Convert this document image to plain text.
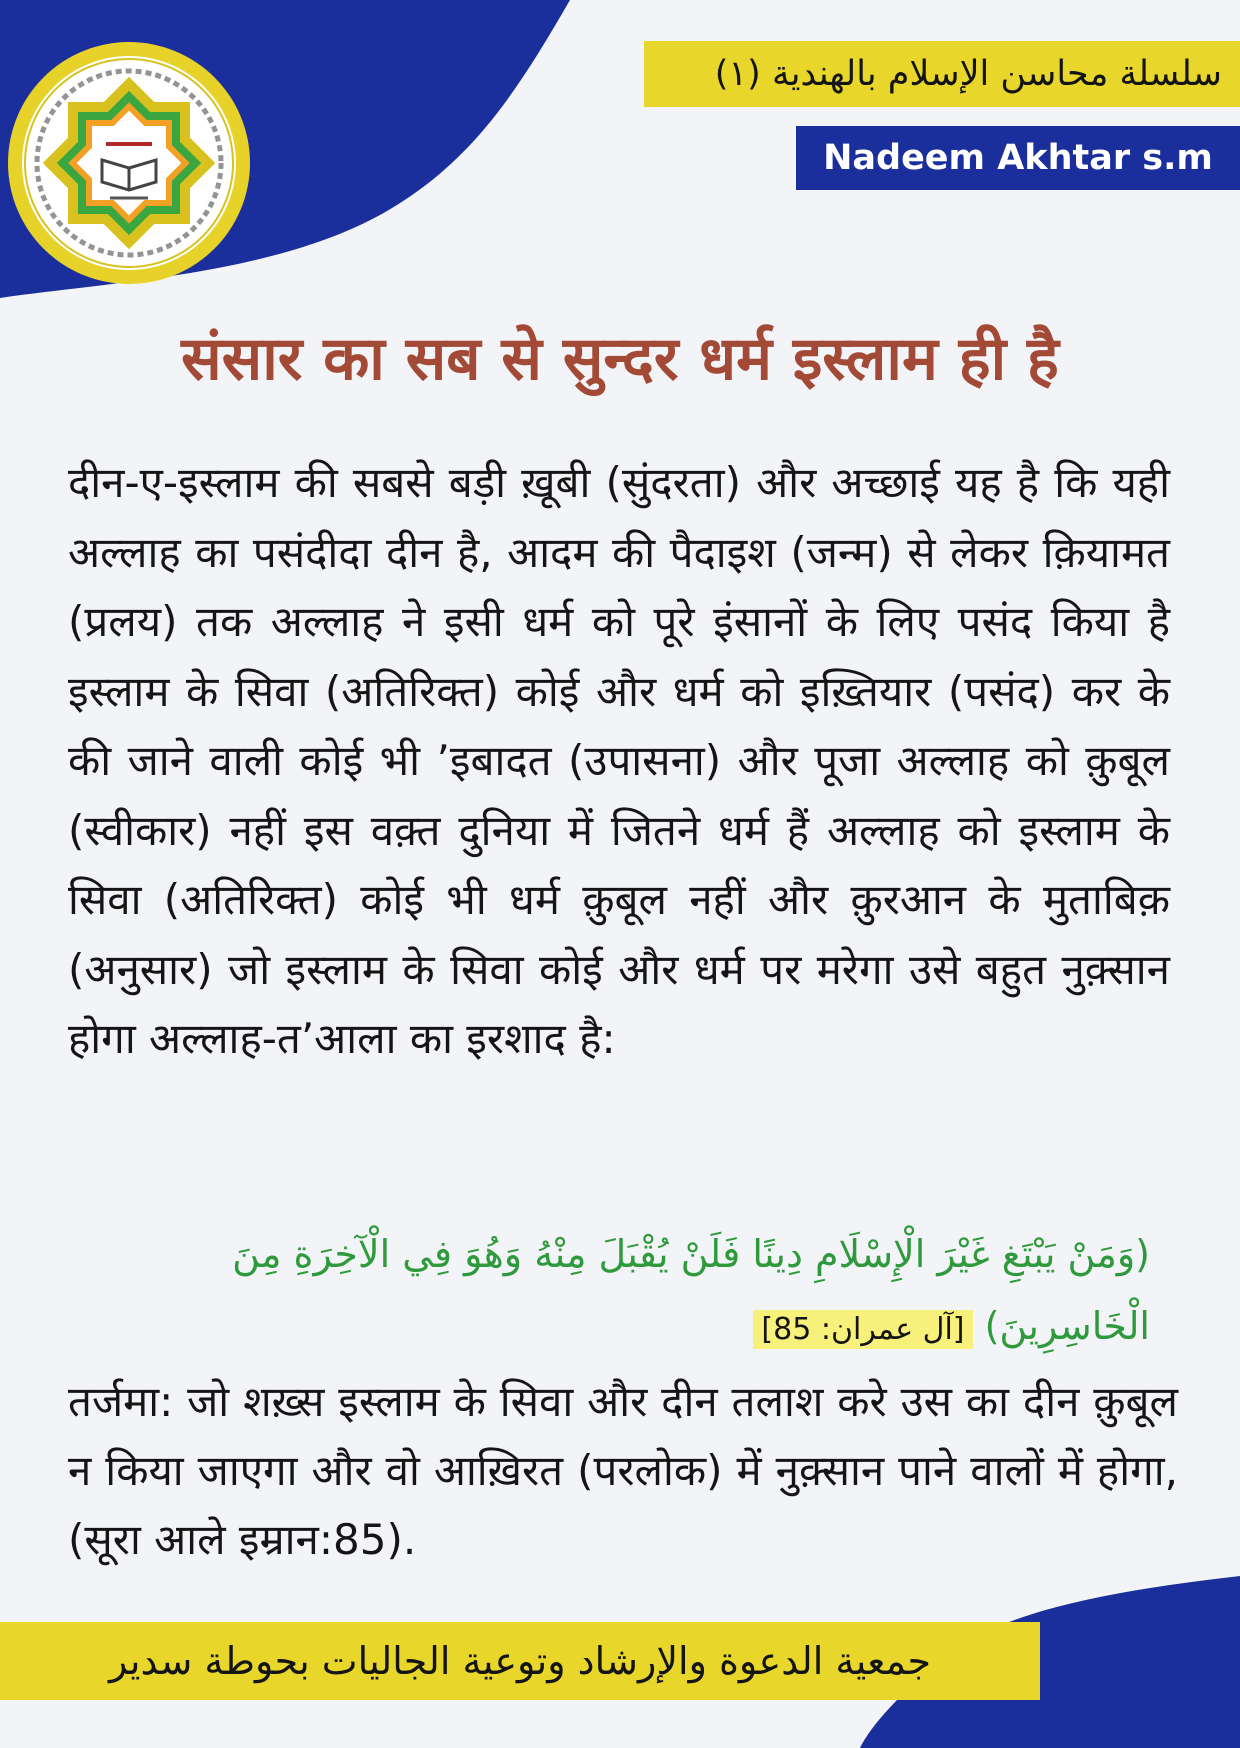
سلسلة محاسن الإسلام بالهندية (١)
Nadeem Akhtar s.m
संसार का सब से सुन्दर धर्म इस्लाम ही है

दीन-ए-इस्लाम की सबसे बड़ी ख़ूबी (सुंदरता) और अच्छाई यह है कि यही अल्लाह का पसंदीदा दीन है, आदम की पैदाइश (जन्म) से लेकर क़ियामत (प्रलय) तक अल्लाह ने इसी धर्म को पूरे इंसानों के लिए पसंद किया है इस्लाम के सिवा (अतिरिक्त) कोई और धर्म को इख़्तियार (पसंद) कर के की जाने वाली कोई भी ’इबादत (उपासना) और पूजा अल्लाह को क़ुबूल (स्वीकार) नहीं इस वक़्त दुनिया में जितने धर्म हैं अल्लाह को इस्लाम के सिवा (अतिरिक्त) कोई भी धर्म क़ुबूल नहीं और क़ुरआन के मुताबिक़ (अनुसार) जो इस्लाम के सिवा कोई और धर्म पर मरेगा उसे बहुत नुक़्सान होगा अल्लाह-त’आला का इरशाद है:

(وَمَنْ يَبْتَغِ غَيْرَ الْإِسْلَامِ دِينًا فَلَنْ يُقْبَلَ مِنْهُ وَهُوَ فِي الْآخِرَةِ مِنَ الْخَاسِرِينَ) [آل عمران: 85]

तर्जमा: जो शख़्स इस्लाम के सिवा और दीन तलाश करे उस का दीन क़ुबूल न किया जाएगा और वो आख़िरत (परलोक) में नुक़्सान पाने वालों में होगा, (सूरा आले इम्रान:85).

جمعية الدعوة والإرشاد وتوعية الجاليات بحوطة سدير
